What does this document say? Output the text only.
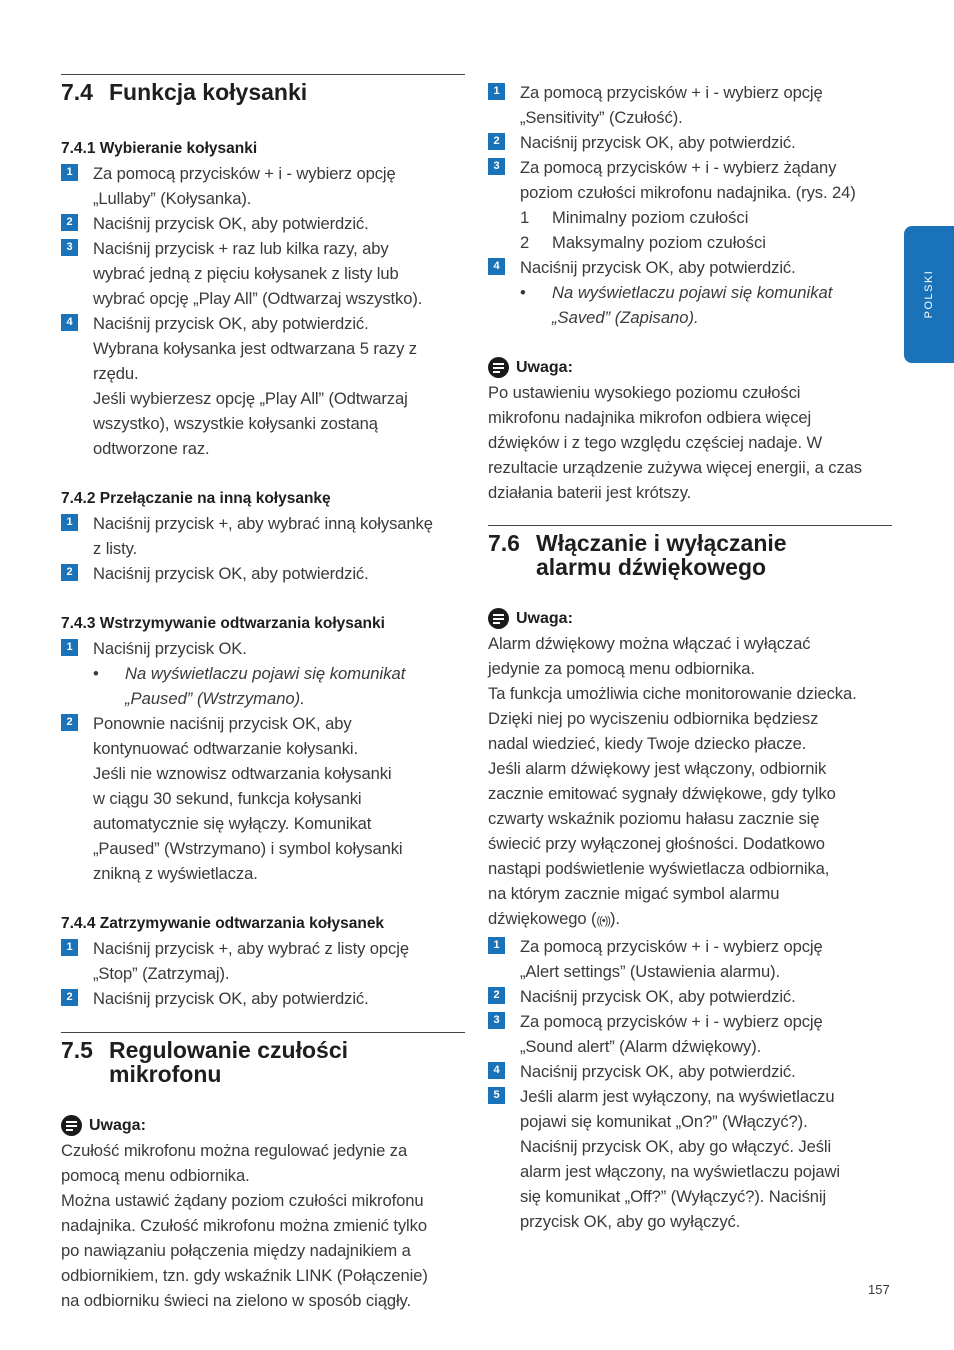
POLSKI
157
7.4 Funkcja kołysanki
7.4.1 Wybieranie kołysanki
1	Za pomocą przycisków + i - wybierz opcję
„Lullaby” (Kołysanka).
2	Naciśnij przycisk OK, aby potwierdzić.
3	Naciśnij przycisk + raz lub kilka razy, aby
wybrać jedną z pięciu kołysanek z listy lub
wybrać opcję „Play All” (Odtwarzaj wszystko).
4	Naciśnij przycisk OK, aby potwierdzić.
Wybrana kołysanka jest odtwarzana 5 razy z
rzędu.
Jeśli wybierzesz opcję „Play All” (Odtwarzaj
wszystko), wszystkie kołysanki zostaną
odtworzone raz.
7.4.2 Przełączanie na inną kołysankę
1	Naciśnij przycisk +, aby wybrać inną kołysankę
z listy.
2	Naciśnij przycisk OK, aby potwierdzić.
7.4.3 Wstrzymywanie odtwarzania kołysanki
1	Naciśnij przycisk OK.
•	Na wyświetlaczu pojawi się komunikat
„Paused” (Wstrzymano).
2	Ponownie naciśnij przycisk OK, aby
kontynuować odtwarzanie kołysanki.
Jeśli nie wznowisz odtwarzania kołysanki
w ciągu 30 sekund, funkcja kołysanki
automatycznie się wyłączy. Komunikat
„Paused” (Wstrzymano) i symbol kołysanki
znikną z wyświetlacza.
7.4.4 Zatrzymywanie odtwarzania kołysanek
1	Naciśnij przycisk +, aby wybrać z listy opcję
„Stop” (Zatrzymaj).
2	Naciśnij przycisk OK, aby potwierdzić.
7.5 Regulowanie czułości
mikrofonu
Uwaga:
Czułość mikrofonu można regulować jedynie za
pomocą menu odbiornika.
Można ustawić żądany poziom czułości mikrofonu
nadajnika. Czułość mikrofonu można zmienić tylko
po nawiązaniu połączenia między nadajnikiem a
odbiornikiem, tzn. gdy wskaźnik LINK (Połączenie)
na odbiorniku świeci na zielono w sposób ciągły.
1	Za pomocą przycisków + i - wybierz opcję
„Sensitivity” (Czułość).
2	Naciśnij przycisk OK, aby potwierdzić.
3	Za pomocą przycisków + i - wybierz żądany
poziom czułości mikrofonu nadajnika. (rys. 24)
1	Minimalny poziom czułości
2	Maksymalny poziom czułości
4	Naciśnij przycisk OK, aby potwierdzić.
•	Na wyświetlaczu pojawi się komunikat
„Saved” (Zapisano).
Uwaga:
Po ustawieniu wysokiego poziomu czułości
mikrofonu nadajnika mikrofon odbiera więcej
dźwięków i z tego względu częściej nadaje. W
rezultacie urządzenie zużywa więcej energii, a czas
działania baterii jest krótszy.
7.6 Włączanie i wyłączanie
alarmu dźwiękowego
Uwaga:
Alarm dźwiękowy można włączać i wyłączać
jedynie za pomocą menu odbiornika.
Ta funkcja umożliwia ciche monitorowanie dziecka.
Dzięki niej po wyciszeniu odbiornika będziesz
nadal wiedzieć, kiedy Twoje dziecko płacze.
Jeśli alarm dźwiękowy jest włączony, odbiornik
zacznie emitować sygnały dźwiękowe, gdy tylko
czwarty wskaźnik poziomu hałasu zacznie się
świecić przy wyłączonej głośności. Dodatkowo
nastąpi podświetlenie wyświetlacza odbiornika,
na którym zacznie migać symbol alarmu
dźwiękowego (((•))).
1	Za pomocą przycisków + i - wybierz opcję
„Alert settings” (Ustawienia alarmu).
2	Naciśnij przycisk OK, aby potwierdzić.
3	Za pomocą przycisków + i - wybierz opcję
„Sound alert” (Alarm dźwiękowy).
4	Naciśnij przycisk OK, aby potwierdzić.
5	Jeśli alarm jest wyłączony, na wyświetlaczu
pojawi się komunikat „On?” (Włączyć?).
Naciśnij przycisk OK, aby go włączyć. Jeśli
alarm jest włączony, na wyświetlaczu pojawi
się komunikat „Off?” (Wyłączyć?). Naciśnij
przycisk OK, aby go wyłączyć.
